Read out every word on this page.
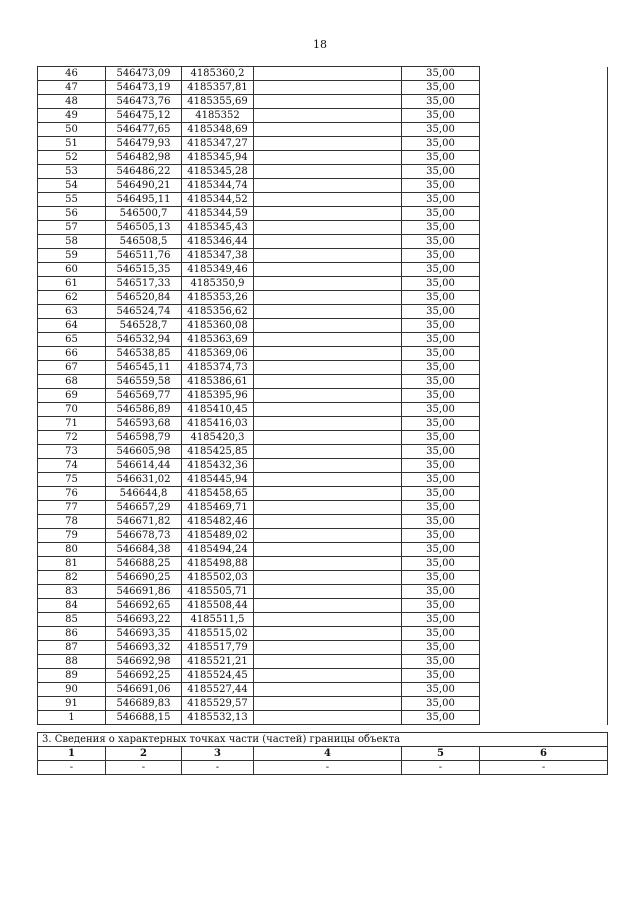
18
46	546473,09	4185360,2		35,00	
47	546473,19	4185357,81		35,00	
48	546473,76	4185355,69		35,00	
49	546475,12	4185352		35,00	
50	546477,65	4185348,69		35,00	
51	546479,93	4185347,27		35,00	
52	546482,98	4185345,94		35,00	
53	546486,22	4185345,28		35,00	
54	546490,21	4185344,74		35,00	
55	546495,11	4185344,52		35,00	
56	546500,7	4185344,59		35,00	
57	546505,13	4185345,43		35,00	
58	546508,5	4185346,44		35,00	
59	546511,76	4185347,38		35,00	
60	546515,35	4185349,46		35,00	
61	546517,33	4185350,9		35,00	
62	546520,84	4185353,26		35,00	
63	546524,74	4185356,62		35,00	
64	546528,7	4185360,08		35,00	
65	546532,94	4185363,69		35,00	
66	546538,85	4185369,06		35,00	
67	546545,11	4185374,73		35,00	
68	546559,58	4185386,61		35,00	
69	546569,77	4185395,96		35,00	
70	546586,89	4185410,45		35,00	
71	546593,68	4185416,03		35,00	
72	546598,79	4185420,3		35,00	
73	546605,98	4185425,85		35,00	
74	546614,44	4185432,36		35,00	
75	546631,02	4185445,94		35,00	
76	546644,8	4185458,65		35,00	
77	546657,29	4185469,71		35,00	
78	546671,82	4185482,46		35,00	
79	546678,73	4185489,02		35,00	
80	546684,38	4185494,24		35,00	
81	546688,25	4185498,88		35,00	
82	546690,25	4185502,03		35,00	
83	546691,86	4185505,71		35,00	
84	546692,65	4185508,44		35,00	
85	546693,22	4185511,5		35,00	
86	546693,35	4185515,02		35,00	
87	546693,32	4185517,79		35,00	
88	546692,98	4185521,21		35,00	
89	546692,25	4185524,45		35,00	
90	546691,06	4185527,44		35,00	
91	546689,83	4185529,57		35,00	
1	546688,15	4185532,13		35,00	
3. Сведения о характерных точках части (частей) границы объекта					
1	2	3	4	5	6
-	-	-	-	-	-
